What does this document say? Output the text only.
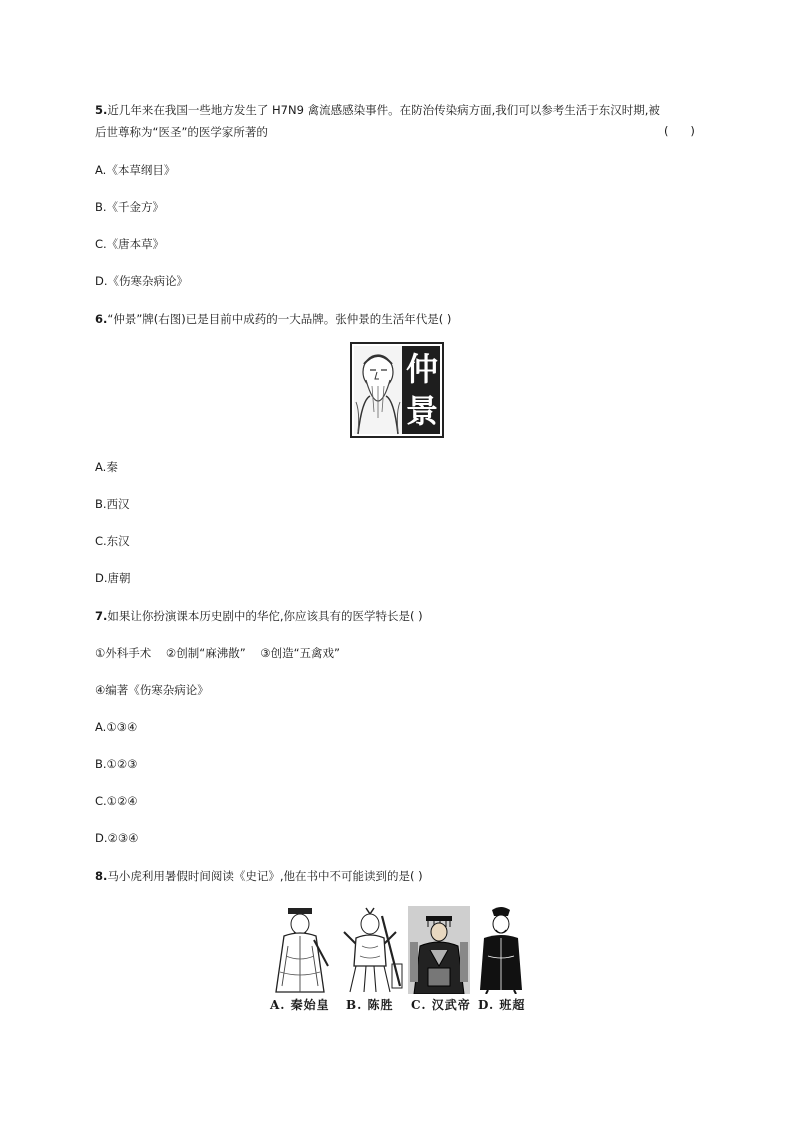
5.近几年来在我国一些地方发生了 H7N9 禽流感感染事件。在防治传染病方面,我们可以参考生活于东汉时期,被
后世尊称为“医圣”的医学家所著的	(      )
A.《本草纲目》
B.《千金方》
C.《唐本草》
D.《伤寒杂病论》
6.“仲景”牌(右图)已是目前中成药的一大品牌。张仲景的生活年代是( )
仲
景
A.秦
B.西汉
C.东汉
D.唐朝
7.如果让你扮演课本历史剧中的华佗,你应该具有的医学特长是( )
①外科手术    ②创制“麻沸散”    ③创造“五禽戏”
④编著《伤寒杂病论》
A.①③④
B.①②③
C.①②④
D.②③④
8.马小虎利用暑假时间阅读《史记》,他在书中不可能读到的是( )
A. 秦始皇 B. 陈胜 C. 汉武帝 D. 班超
